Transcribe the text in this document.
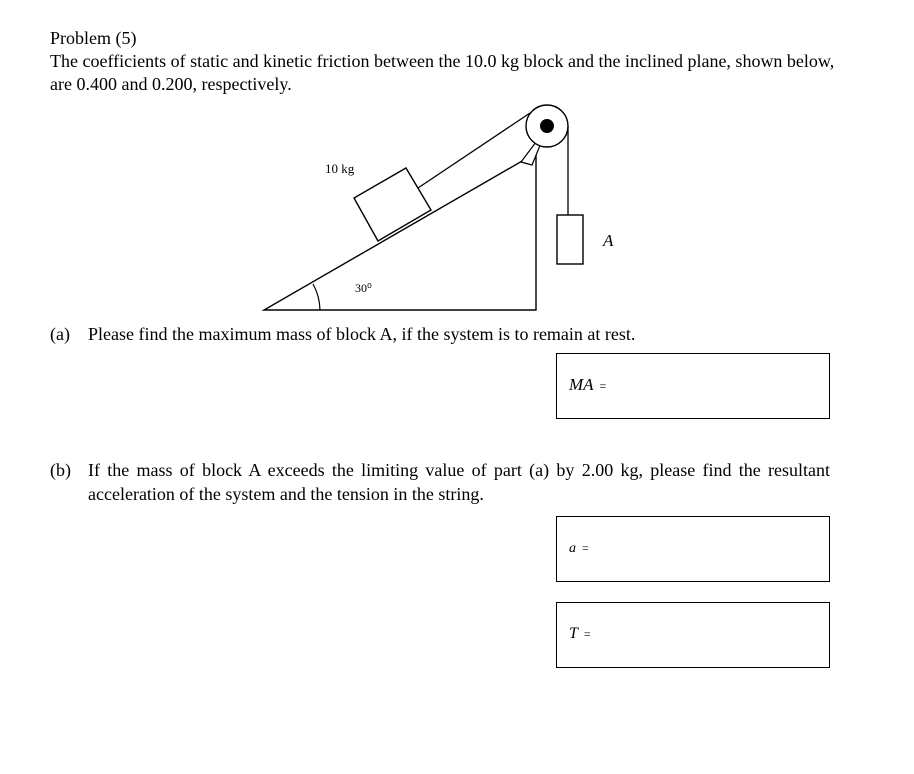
Problem (5)
The coefficients of static and kinetic friction between the 10.0 kg block and the inclined plane, shown below, are 0.400 and 0.200, respectively.
10 kg
30⁰
A
(a) Please find the maximum mass of block A, if the system is to remain at rest.
MA =
(b) If the mass of block A exceeds the limiting value of part (a) by 2.00 kg, please find the resultant acceleration of the system and the tension in the string.
a =
T =
